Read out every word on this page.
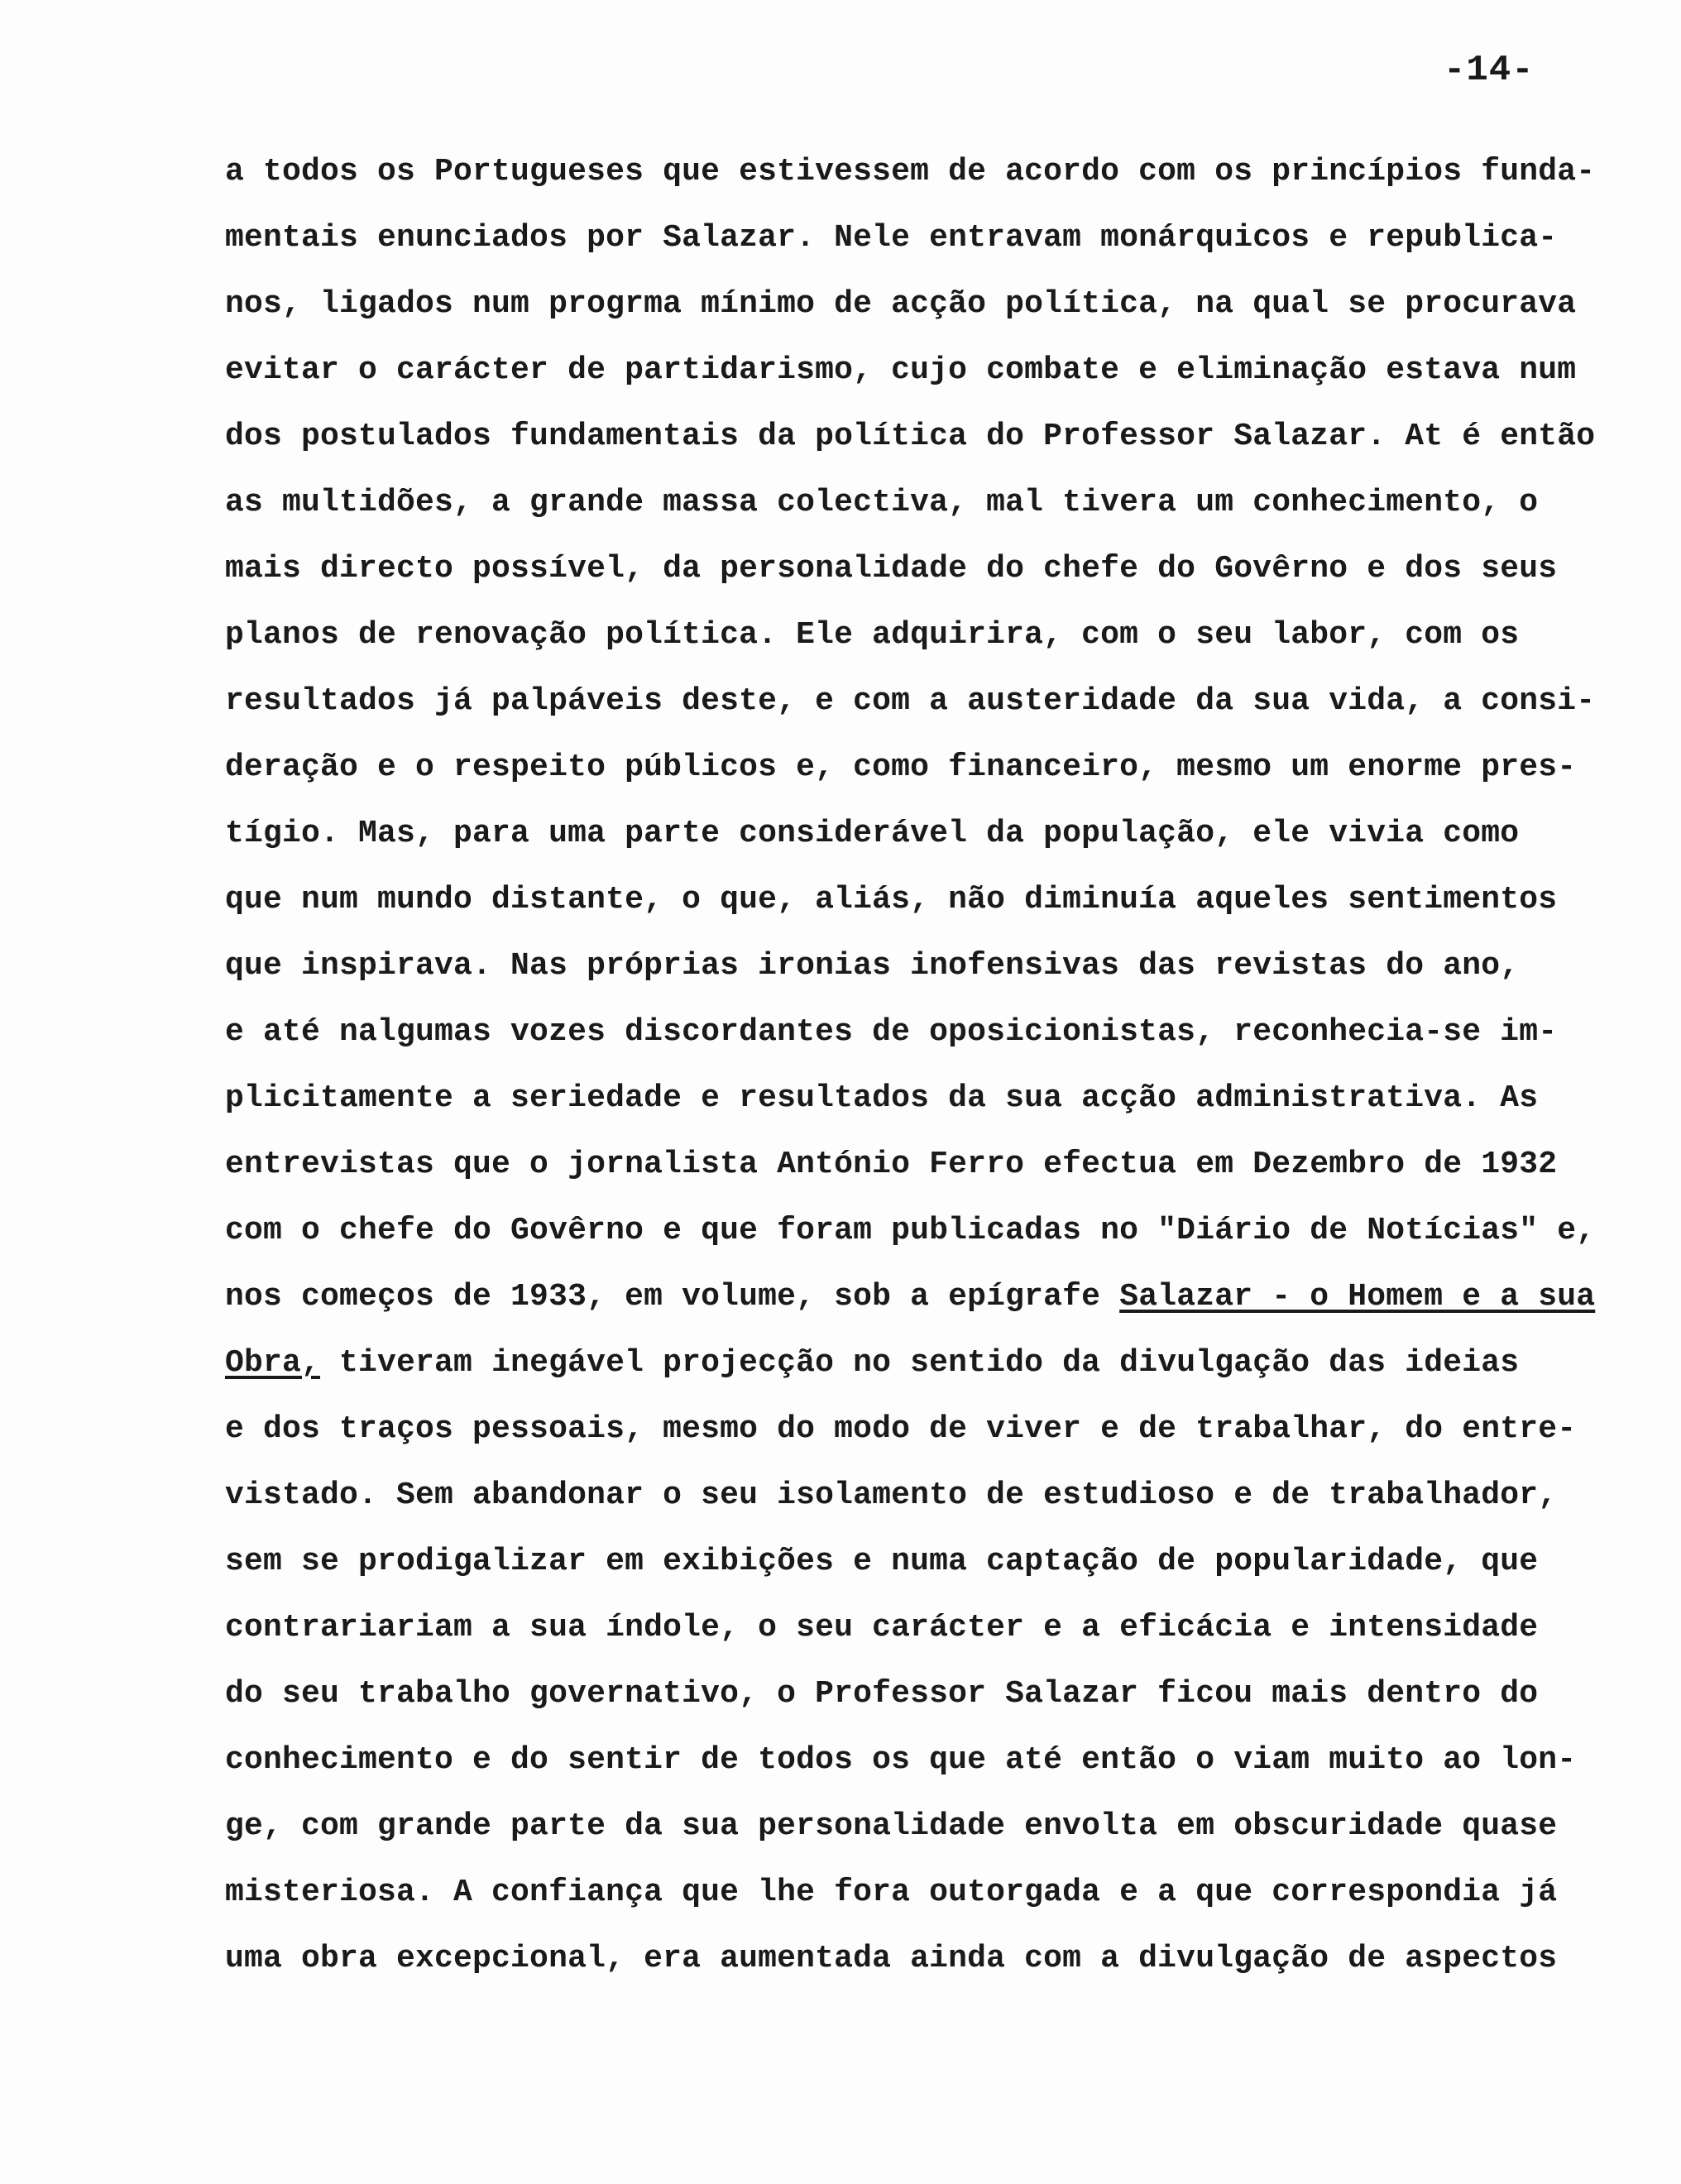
-14-
a todos os Portugueses que estivessem de acordo com os princípios funda-
mentais enunciados por Salazar. Nele entravam monárquicos e republica-
nos, ligados num progrma mínimo de acção política, na qual se procurava
evitar o carácter de partidarismo, cujo combate e eliminação estava num
dos postulados fundamentais da política do Professor Salazar. At é então
as multidões, a grande massa colectiva, mal tivera um conhecimento, o
mais directo possível, da personalidade do chefe do Govêrno e dos seus
planos de renovação política. Ele adquirira, com o seu labor, com os
resultados já palpáveis deste, e com a austeridade da sua vida, a consi-
deração e o respeito públicos e, como financeiro, mesmo um enorme pres-
tígio. Mas, para uma parte considerável da população, ele vivia como
que num mundo distante, o que, aliás, não diminuía aqueles sentimentos
que inspirava. Nas próprias ironias inofensivas das revistas do ano,
e até nalgumas vozes discordantes de oposicionistas, reconhecia-se im-
plicitamente a seriedade e resultados da sua acção administrativa. As
entrevistas que o jornalista António Ferro efectua em Dezembro de 1932
com o chefe do Govêrno e que foram publicadas no "Diário de Notícias" e,
nos começos de 1933, em volume, sob a epígrafe Salazar - o Homem e a sua
Obra, tiveram inegável projecção no sentido da divulgação das ideias
e dos traços pessoais, mesmo do modo de viver e de trabalhar, do entre-
vistado. Sem abandonar o seu isolamento de estudioso e de trabalhador,
sem se prodigalizar em exibições e numa captação de popularidade, que
contrariariam a sua índole, o seu carácter e a eficácia e intensidade
do seu trabalho governativo, o Professor Salazar ficou mais dentro do
conhecimento e do sentir de todos os que até então o viam muito ao lon-
ge, com grande parte da sua personalidade envolta em obscuridade quase
misteriosa. A confiança que lhe fora outorgada e a que correspondia já
uma obra excepcional, era aumentada ainda com a divulgação de aspectos
